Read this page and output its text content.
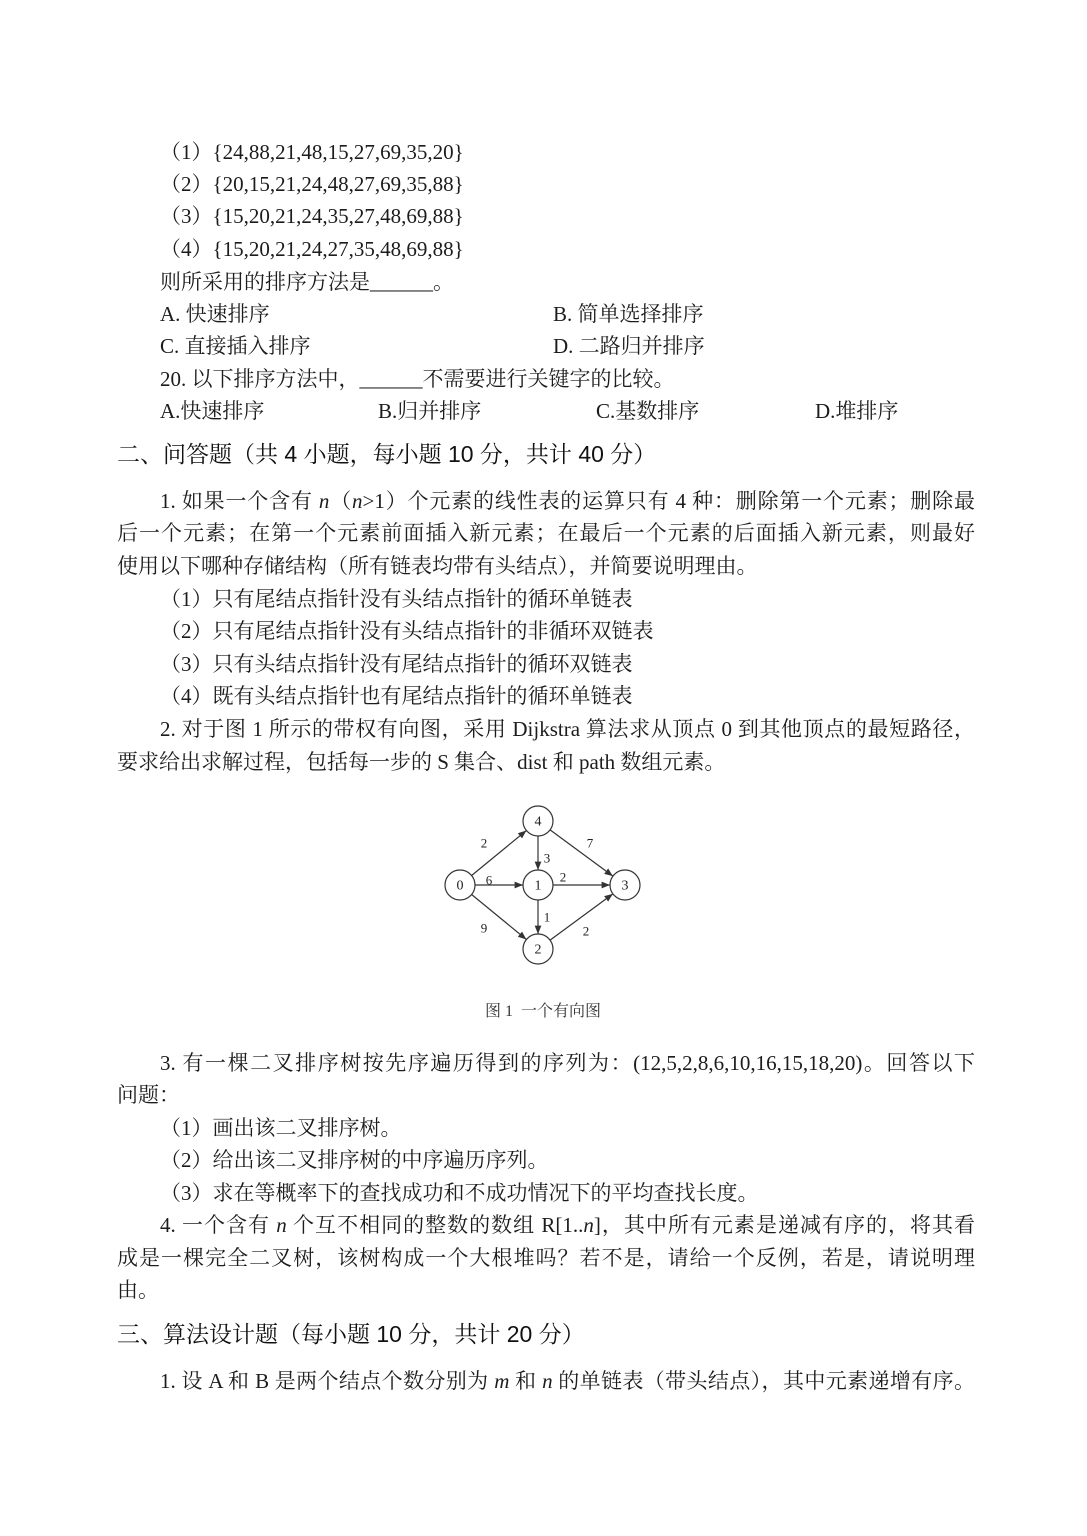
（1）{24,88,21,48,15,27,69,35,20}
（2）{20,15,21,24,48,27,69,35,88}
（3）{15,20,21,24,35,27,48,69,88}
（4）{15,20,21,24,27,35,48,69,88}
则所采用的排序方法是______。
A. 快速排序	B. 简单选择排序
C. 直接插入排序	D. 二路归并排序
20. 以下排序方法中，______不需要进行关键字的比较。
A.快速排序	B.归并排序	C.基数排序	D.堆排序
二、问答题（共 4 小题，每小题 10 分，共计 40 分）
1. 如果一个含有 n（n>1）个元素的线性表的运算只有 4 种：删除第一个元素；删除最
后一个元素；在第一个元素前面插入新元素；在最后一个元素的后面插入新元素，则最好
使用以下哪种存储结构（所有链表均带有头结点），并简要说明理由。
（1）只有尾结点指针没有头结点指针的循环单链表
（2）只有尾结点指针没有头结点指针的非循环双链表
（3）只有头结点指针没有尾结点指针的循环双链表
（4）既有头结点指针也有尾结点指针的循环单链表
2. 对于图 1 所示的带权有向图，采用 Dijkstra 算法求从顶点 0 到其他顶点的最短路径，
要求给出求解过程，包括每一步的 S 集合、dist 和 path 数组元素。
2	7
3
6	2
1
9	2
0
4
1	3
2
图 1  一个有向图
3. 有一棵二叉排序树按先序遍历得到的序列为：(12,5,2,8,6,10,16,15,18,20)。回答以下
问题：
（1）画出该二叉排序树。
（2）给出该二叉排序树的中序遍历序列。
（3）求在等概率下的查找成功和不成功情况下的平均查找长度。
4. 一个含有 n 个互不相同的整数的数组 R[1..n]，其中所有元素是递减有序的，将其看
成是一棵完全二叉树，该树构成一个大根堆吗？若不是，请给一个反例，若是，请说明理
由。
三、算法设计题（每小题 10 分，共计 20 分）
1. 设 A 和 B 是两个结点个数分别为 m 和 n 的单链表（带头结点），其中元素递增有序。
